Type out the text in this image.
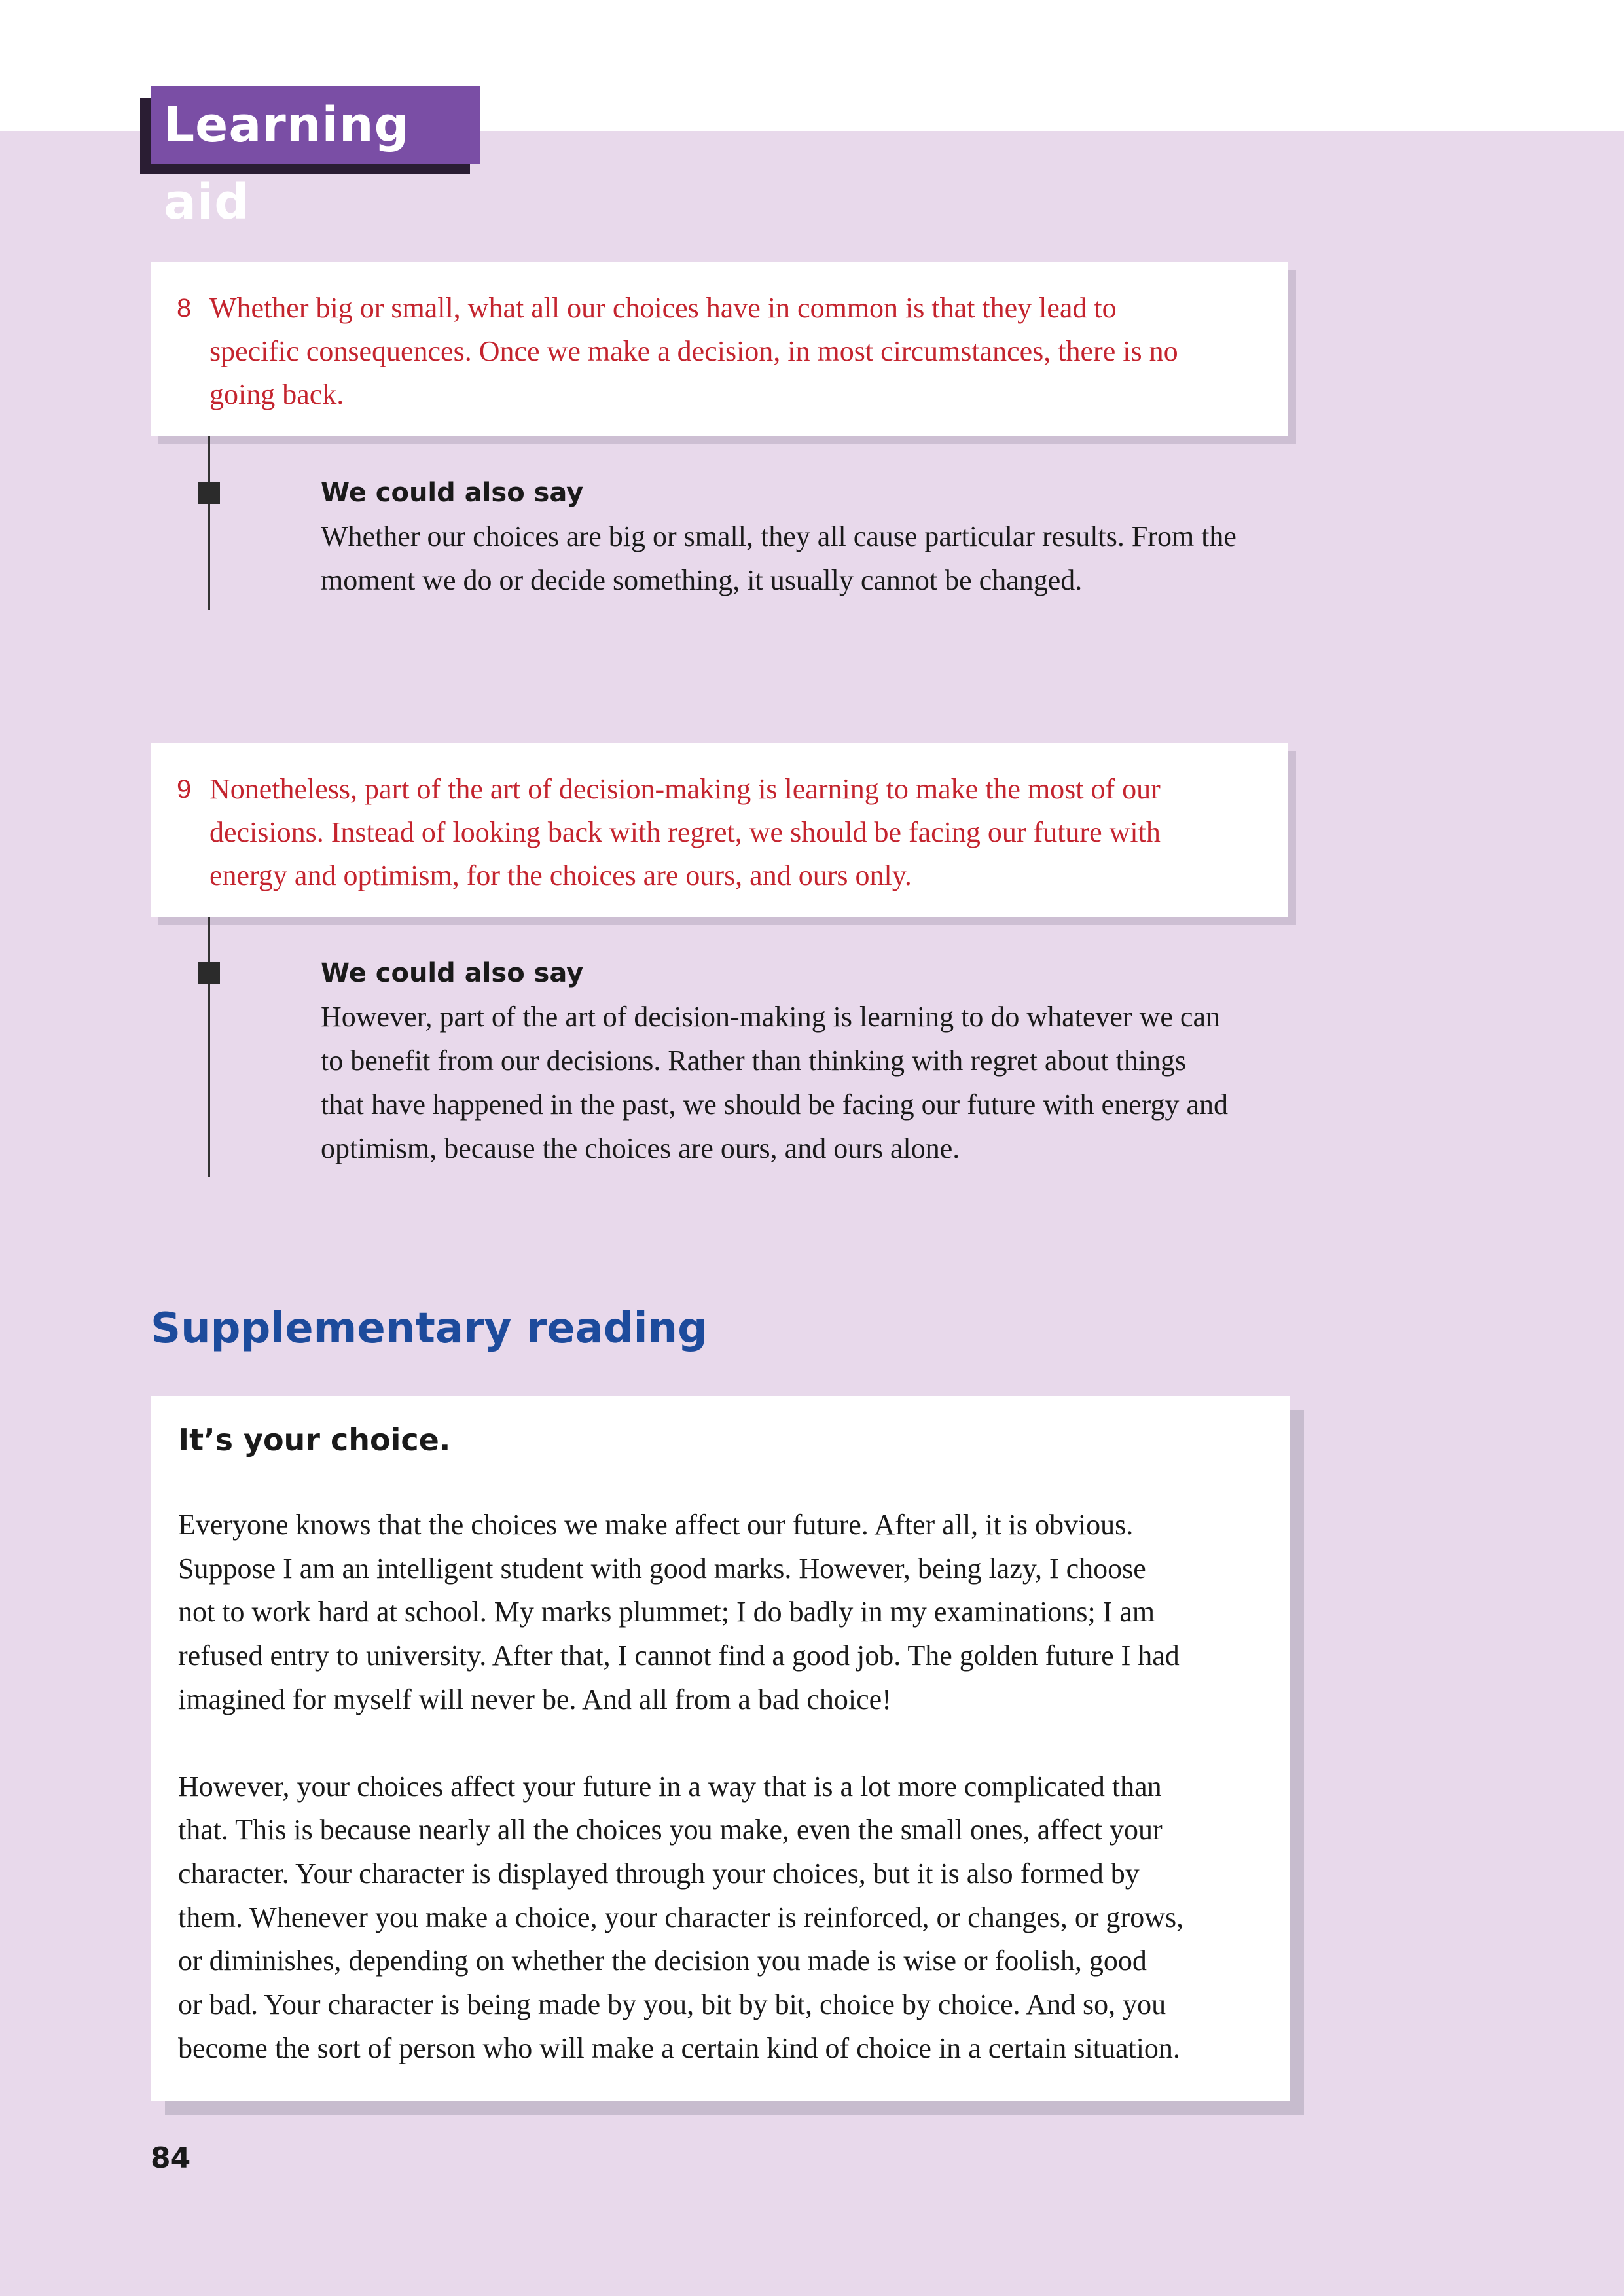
Learning aid
8 Whether big or small, what all our choices have in common is that they lead to
specific consequences. Once we make a decision, in most circumstances, there is no
going back.
We could also say
Whether our choices are big or small, they all cause particular results. From the
moment we do or decide something, it usually cannot be changed.
9 Nonetheless, part of the art of decision-making is learning to make the most of our
decisions. Instead of looking back with regret, we should be facing our future with
energy and optimism, for the choices are ours, and ours only.
We could also say
However, part of the art of decision-making is learning to do whatever we can
to benefit from our decisions. Rather than thinking with regret about things
that have happened in the past, we should be facing our future with energy and
optimism, because the choices are ours, and ours alone.
Supplementary reading
It’s your choice.
Everyone knows that the choices we make affect our future. After all, it is obvious.
Suppose I am an intelligent student with good marks. However, being lazy, I choose
not to work hard at school. My marks plummet; I do badly in my examinations; I am
refused entry to university. After that, I cannot find a good job. The golden future I had
imagined for myself will never be. And all from a bad choice!
However, your choices affect your future in a way that is a lot more complicated than
that. This is because nearly all the choices you make, even the small ones, affect your
character. Your character is displayed through your choices, but it is also formed by
them. Whenever you make a choice, your character is reinforced, or changes, or grows,
or diminishes, depending on whether the decision you made is wise or foolish, good
or bad. Your character is being made by you, bit by bit, choice by choice. And so, you
become the sort of person who will make a certain kind of choice in a certain situation.
84
